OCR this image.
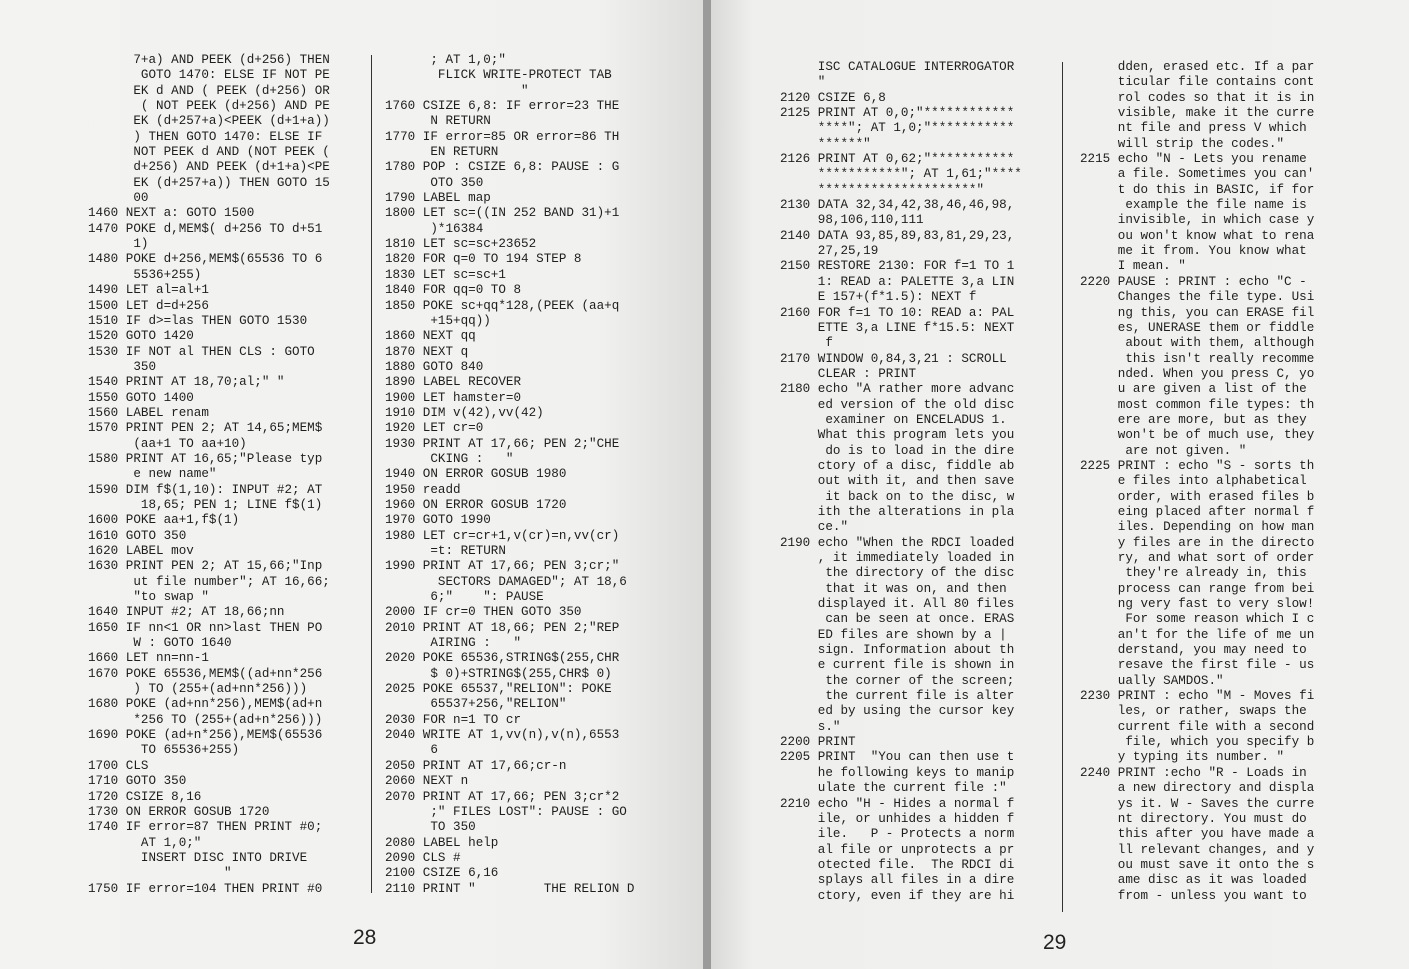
7+a) AND PEEK (d+256) THEN
GOTO 1470: ELSE IF NOT PE
EK d AND ( PEEK (d+256) OR
( NOT PEEK (d+256) AND PE
EK (d+257+a)<PEEK (d+1+a))
) THEN GOTO 1470: ELSE IF
NOT PEEK d AND (NOT PEEK (
d+256) AND PEEK (d+1+a)<PE
EK (d+257+a)) THEN GOTO 15
00
1460 NEXT a: GOTO 1500
1470 POKE d,MEM$( d+256 TO d+51
1)
1480 POKE d+256,MEM$(65536 TO 6
5536+255)
1490 LET al=al+1
1500 LET d=d+256
1510 IF d>=las THEN GOTO 1530
1520 GOTO 1420
1530 IF NOT al THEN CLS : GOTO
350
1540 PRINT AT 18,70;al;" "
1550 GOTO 1400
1560 LABEL renam
1570 PRINT PEN 2; AT 14,65;MEM$
(aa+1 TO aa+10)
1580 PRINT AT 16,65;"Please typ
e new name"
1590 DIM f$(1,10): INPUT #2; AT
18,65; PEN 1; LINE f$(1)
1600 POKE aa+1,f$(1)
1610 GOTO 350
1620 LABEL mov
1630 PRINT PEN 2; AT 15,66;"Inp
ut file number"; AT 16,66;
"to swap "
1640 INPUT #2; AT 18,66;nn
1650 IF nn<1 OR nn>last THEN PO
W : GOTO 1640
1660 LET nn=nn-1
1670 POKE 65536,MEM$((ad+nn*256
) TO (255+(ad+nn*256)))
1680 POKE (ad+nn*256),MEM$(ad+n
*256 TO (255+(ad+n*256)))
1690 POKE (ad+n*256),MEM$(65536
TO 65536+255)
1700 CLS
1710 GOTO 350
1720 CSIZE 8,16
1730 ON ERROR GOSUB 1720
1740 IF error=87 THEN PRINT #0;
AT 1,0;"
INSERT DISC INTO DRIVE
"
1750 IF error=104 THEN PRINT #0
; AT 1,0;"
FLICK WRITE-PROTECT TAB
"
1760 CSIZE 6,8: IF error=23 THE
N RETURN
1770 IF error=85 OR error=86 TH
EN RETURN
1780 POP : CSIZE 6,8: PAUSE : G
OTO 350
1790 LABEL map
1800 LET sc=((IN 252 BAND 31)+1
)*16384
1810 LET sc=sc+23652
1820 FOR q=0 TO 194 STEP 8
1830 LET sc=sc+1
1840 FOR qq=0 TO 8
1850 POKE sc+qq*128,(PEEK (aa+q
+15+qq))
1860 NEXT qq
1870 NEXT q
1880 GOTO 840
1890 LABEL RECOVER
1900 LET hamster=0
1910 DIM v(42),vv(42)
1920 LET cr=0
1930 PRINT AT 17,66; PEN 2;"CHE
CKING :   "
1940 ON ERROR GOSUB 1980
1950 readd
1960 ON ERROR GOSUB 1720
1970 GOTO 1990
1980 LET cr=cr+1,v(cr)=n,vv(cr)
=t: RETURN
1990 PRINT AT 17,66; PEN 3;cr;"
SECTORS DAMAGED"; AT 18,6
6;"    ": PAUSE
2000 IF cr=0 THEN GOTO 350
2010 PRINT AT 18,66; PEN 2;"REP
AIRING :   "
2020 POKE 65536,STRING$(255,CHR
$ 0)+STRING$(255,CHR$ 0)
2025 POKE 65537,"RELION": POKE
65537+256,"RELION"
2030 FOR n=1 TO cr
2040 WRITE AT 1,vv(n),v(n),6553
6
2050 PRINT AT 17,66;cr-n
2060 NEXT n
2070 PRINT AT 17,66; PEN 3;cr*2
;" FILES LOST": PAUSE : GO
TO 350
2080 LABEL help
2090 CLS #
2100 CSIZE 6,16
2110 PRINT "         THE RELION D
28
ISC CATALOGUE INTERROGATOR
"
2120 CSIZE 6,8
2125 PRINT AT 0,0;"************
****"; AT 1,0;"***********
******"
2126 PRINT AT 0,62;"***********
***********"; AT 1,61;"****
*********************"
2130 DATA 32,34,42,38,46,46,98,
98,106,110,111
2140 DATA 93,85,89,83,81,29,23,
27,25,19
2150 RESTORE 2130: FOR f=1 TO 1
1: READ a: PALETTE 3,a LIN
E 157+(f*1.5): NEXT f
2160 FOR f=1 TO 10: READ a: PAL
ETTE 3,a LINE f*15.5: NEXT
f
2170 WINDOW 0,84,3,21 : SCROLL
CLEAR : PRINT
2180 echo "A rather more advanc
ed version of the old disc
examiner on ENCELADUS 1.
What this program lets you
do is to load in the dire
ctory of a disc, fiddle ab
out with it, and then save
it back on to the disc, w
ith the alterations in pla
ce."
2190 echo "When the RDCI loaded
, it immediately loaded in
the directory of the disc
that it was on, and then
displayed it. All 80 files
can be seen at once. ERAS
ED files are shown by a |
sign. Information about th
e current file is shown in
the corner of the screen;
the current file is alter
ed by using the cursor key
s."
2200 PRINT
2205 PRINT  "You can then use t
he following keys to manip
ulate the current file :"
2210 echo "H - Hides a normal f
ile, or unhides a hidden f
ile.   P - Protects a norm
al file or unprotects a pr
otected file.  The RDCI di
splays all files in a dire
ctory, even if they are hi
dden, erased etc. If a par
ticular file contains cont
rol codes so that it is in
visible, make it the curre
nt file and press V which
will strip the codes."
2215 echo "N - Lets you rename
a file. Sometimes you can'
t do this in BASIC, if for
example the file name is
invisible, in which case y
ou won't know what to rena
me it from. You know what
I mean. "
2220 PAUSE : PRINT : echo "C -
Changes the file type. Usi
ng this, you can ERASE fil
es, UNERASE them or fiddle
about with them, although
this isn't really recomme
nded. When you press C, yo
u are given a list of the
most common file types: th
ere are more, but as they
won't be of much use, they
are not given. "
2225 PRINT : echo "S - sorts th
e files into alphabetical
order, with erased files b
eing placed after normal f
iles. Depending on how man
y files are in the directo
ry, and what sort of order
they're already in, this
process can range from bei
ng very fast to very slow!
For some reason which I c
an't for the life of me un
derstand, you may need to
resave the first file - us
ually SAMDOS."
2230 PRINT : echo "M - Moves fi
les, or rather, swaps the
current file with a second
file, which you specify b
y typing its number. "
2240 PRINT :echo "R - Loads in
a new directory and displa
ys it. W - Saves the curre
nt directory. You must do
this after you have made a
ll relevant changes, and y
ou must save it onto the s
ame disc as it was loaded
from - unless you want to
29
